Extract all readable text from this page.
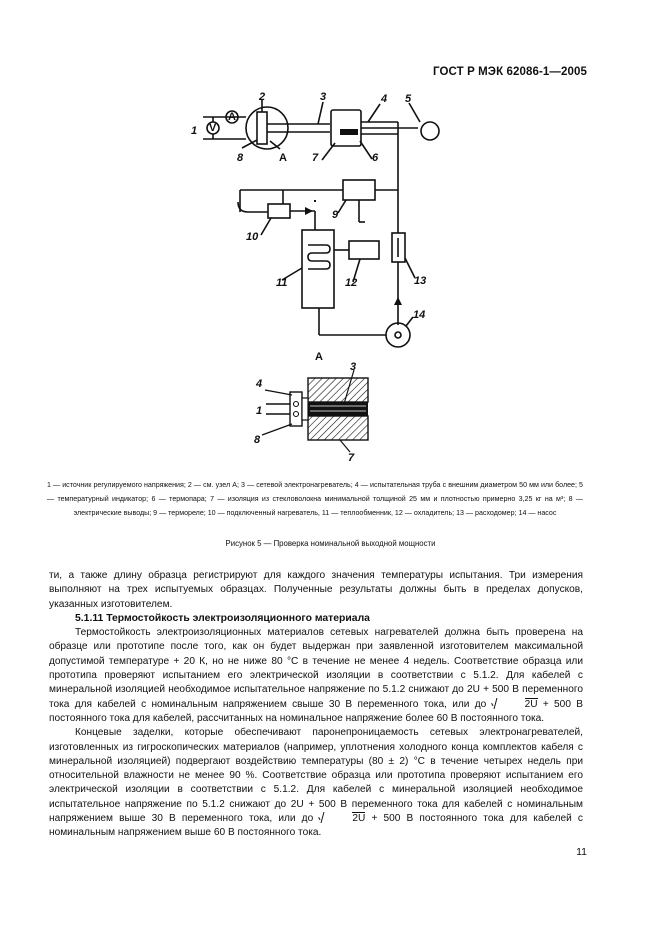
ГОСТ Р МЭК 62086-1—2005
1 V
A
2	3	4 5
6
7
8	A
9
10
11	12	13
14
А
4
1
8
3
7
1 — источник регулируемого напряжения; 2 — см. узел А; 3 — сетевой электронагреватель; 4 — испытательная труба с внешним диаметром 50 мм или более; 5 — температурный индикатор; 6 — термопара; 7 — изоляция из стекловолокна минимальной толщиной 25 мм и плотностью примерно 3,25 кг на м³; 8 — электрические выводы; 9 — термореле; 10 — подключенный нагреватель, 11 — теплообменник, 12 — охладитель; 13 — расходомер; 14 — насос
Рисунок 5 — Проверка номинальной выходной мощности

ти, а также длину образца регистрируют для каждого значения температуры испытания. Три измерения выполняют на трех испытуемых образцах. Полученные результаты должны быть в пределах допусков, указанных изготовителем.

5.1.11 Термостойкость электроизоляционного материала

Термостойкость электроизоляционных материалов сетевых нагревателей должна быть проверена на образце или прототипе после того, как он будет выдержан при заявленной изготовителем максимальной допустимой температуре + 20 К, но не ниже 80 °С в течение не менее 4 недель. Соответствие образца или прототипа проверяют испытанием его электрической изоляции в соответствии с 5.1.2. Для кабелей с минеральной изоляцией необходимое испытательное напряжение по 5.1.2 снижают до 2U + 500 В переменного тока для кабелей с номинальным напряжением свыше 30 В переменного тока, или до	2U + 500 В постоянного тока для кабелей, рассчитанных на номинальное напряжение более 60 В постоянного тока.

Концевые заделки, которые обеспечивают паронепроницаемость сетевых электронагревателей, изготовленных из гигроскопических материалов (например, уплотнения холодного конца комплектов кабеля с минеральной изоляцией) подвергают воздействию температуры (80 ± 2) °С в течение четырех недель при относительной влажности не менее 90 %. Соответствие образца или прототипа проверяют испытанием его электрической изоляции в соответствии с 5.1.2. Для кабелей с минеральной изоляцией необходимое испытательное напряжение по 5.1.2 снижают до 2U + 500 В переменного тока для кабелей с номинальным напряжением выше 30 В переменного тока, или до	2U + 500 В постоянного тока для кабелей с номинальным напряжением выше 60 В постоянного тока.

11
